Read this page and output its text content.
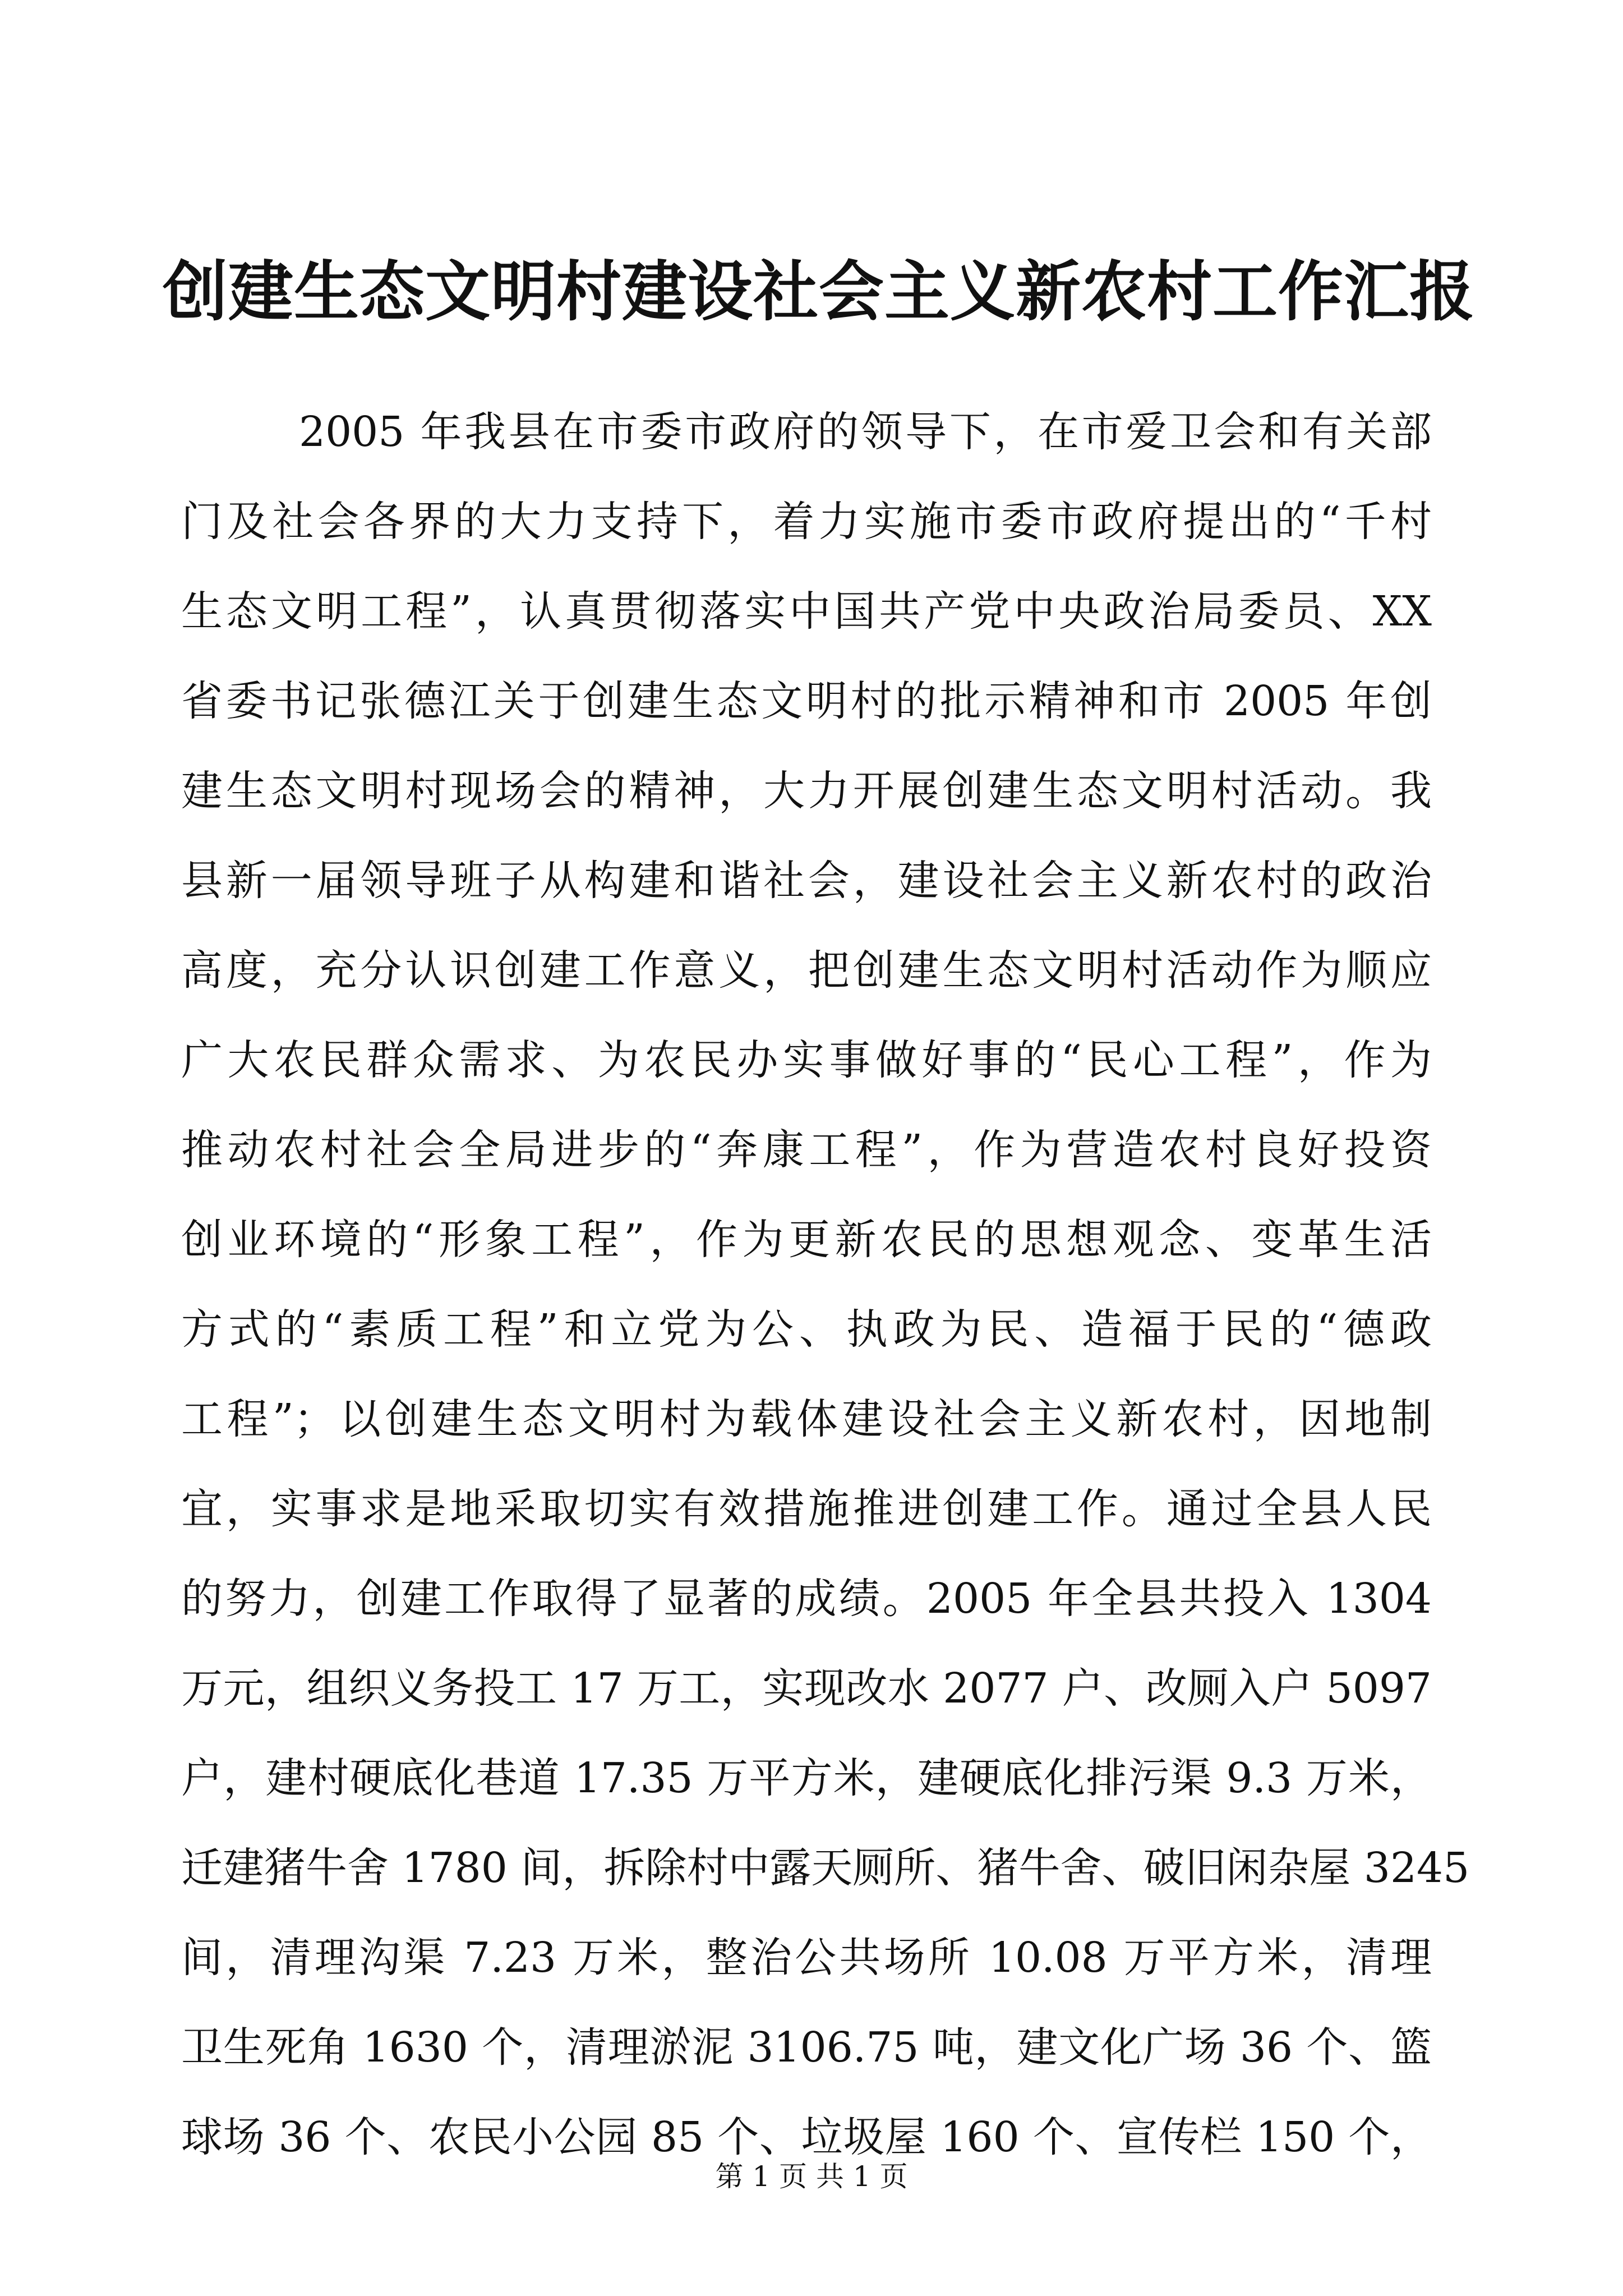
创建生态文明村建设社会主义新农村工作汇报
2005 年我县在市委市政府的领导下，在市爱卫会和有关部
门及社会各界的大力支持下，着力实施市委市政府提出的“千村
生态文明工程”，认真贯彻落实中国共产党中央政治局委员、XX
省委书记张德江关于创建生态文明村的批示精神和市 2005 年创
建生态文明村现场会的精神，大力开展创建生态文明村活动。我
县新一届领导班子从构建和谐社会，建设社会主义新农村的政治
高度，充分认识创建工作意义，把创建生态文明村活动作为顺应
广大农民群众需求、为农民办实事做好事的“民心工程”，作为
推动农村社会全局进步的“奔康工程”，作为营造农村良好投资
创业环境的“形象工程”，作为更新农民的思想观念、变革生活
方式的“素质工程”和立党为公、执政为民、造福于民的“德政
工程”；以创建生态文明村为载体建设社会主义新农村，因地制
宜，实事求是地采取切实有效措施推进创建工作。通过全县人民
的努力，创建工作取得了显著的成绩。2005 年全县共投入 1304
万元，组织义务投工 17 万工，实现改水 2077 户、改厕入户 5097
户，建村硬底化巷道 17.35 万平方米，建硬底化排污渠 9.3 万米，
迁建猪牛舍 1780 间，拆除村中露天厕所、猪牛舍、破旧闲杂屋 3245
间，清理沟渠 7.23 万米，整治公共场所 10.08 万平方米，清理
卫生死角 1630 个，清理淤泥 3106.75 吨，建文化广场 36 个、篮
球场 36 个、农民小公园 85 个、垃圾屋 160 个、宣传栏 150 个，
第 1 页 共 1 页
